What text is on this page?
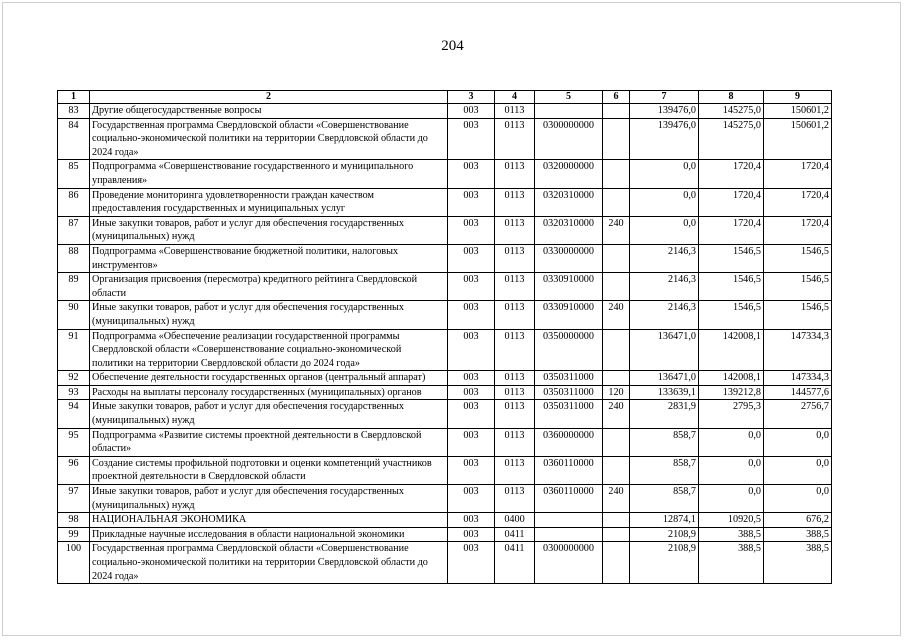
204
1	2	3	4	5	6	7	8	9
83	Другие общегосударственные вопросы	003	0113			139476,0	145275,0	150601,2
84	Государственная программа Свердловской области «Совершенствование социально-экономической политики на территории Свердловской области до 2024 года»	003	0113	0300000000		139476,0	145275,0	150601,2
85	Подпрограмма «Совершенствование государственного и муниципального управления»	003	0113	0320000000		0,0	1720,4	1720,4
86	Проведение мониторинга удовлетворенности граждан качеством предоставления государственных и муниципальных услуг	003	0113	0320310000		0,0	1720,4	1720,4
87	Иные закупки товаров, работ и услуг для обеспечения государственных (муниципальных) нужд	003	0113	0320310000	240	0,0	1720,4	1720,4
88	Подпрограмма «Совершенствование бюджетной политики, налоговых инструментов»	003	0113	0330000000		2146,3	1546,5	1546,5
89	Организация присвоения (пересмотра) кредитного рейтинга Свердловской области	003	0113	0330910000		2146,3	1546,5	1546,5
90	Иные закупки товаров, работ и услуг для обеспечения государственных (муниципальных) нужд	003	0113	0330910000	240	2146,3	1546,5	1546,5
91	Подпрограмма «Обеспечение реализации государственной программы Свердловской области «Совершенствование социально-экономической политики на территории Свердловской области до 2024 года»	003	0113	0350000000		136471,0	142008,1	147334,3
92	Обеспечение деятельности государственных органов (центральный аппарат)	003	0113	0350311000		136471,0	142008,1	147334,3
93	Расходы на выплаты персоналу государственных (муниципальных) органов	003	0113	0350311000	120	133639,1	139212,8	144577,6
94	Иные закупки товаров, работ и услуг для обеспечения государственных (муниципальных) нужд	003	0113	0350311000	240	2831,9	2795,3	2756,7
95	Подпрограмма «Развитие системы проектной деятельности в Свердловской области»	003	0113	0360000000		858,7	0,0	0,0
96	Создание системы профильной подготовки и оценки компетенций участников проектной деятельности в Свердловской области	003	0113	0360110000		858,7	0,0	0,0
97	Иные закупки товаров, работ и услуг для обеспечения государственных (муниципальных) нужд	003	0113	0360110000	240	858,7	0,0	0,0
98	НАЦИОНАЛЬНАЯ ЭКОНОМИКА	003	0400			12874,1	10920,5	676,2
99	Прикладные научные исследования в области национальной экономики	003	0411			2108,9	388,5	388,5
100	Государственная программа Свердловской области «Совершенствование социально-экономической политики на территории Свердловской области до 2024 года»	003	0411	0300000000		2108,9	388,5	388,5
